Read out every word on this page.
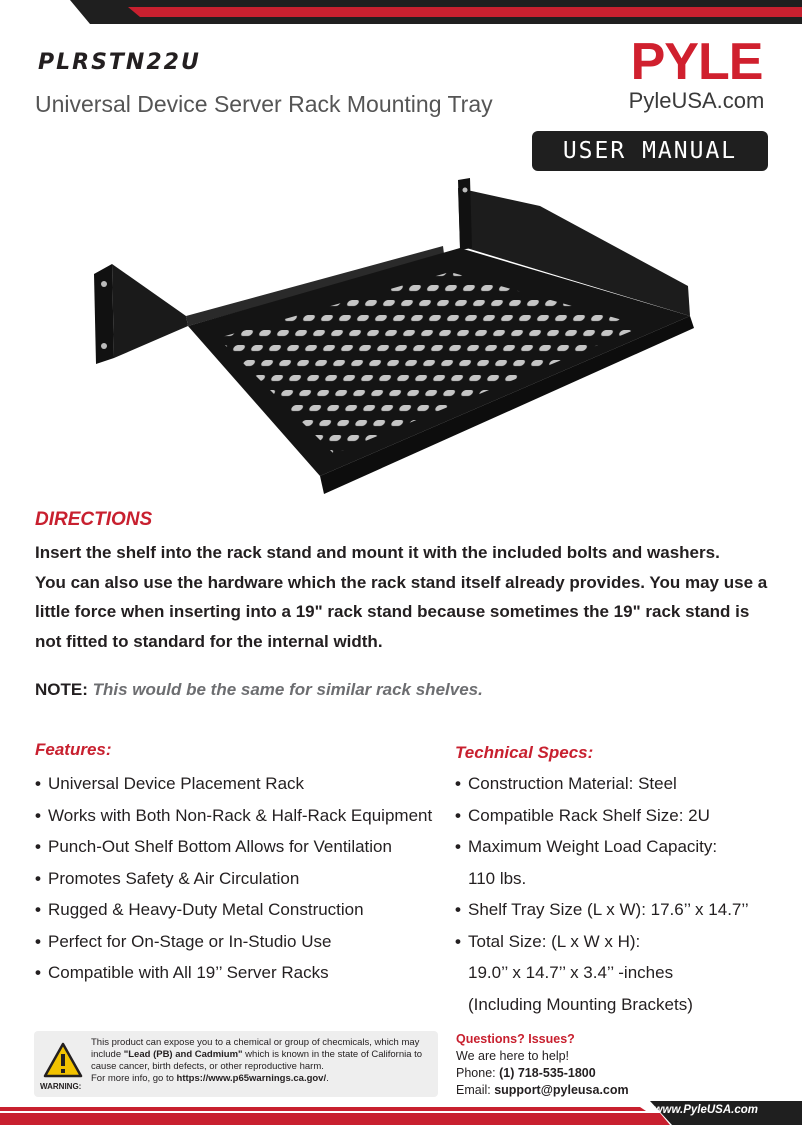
PLRSTN22U
Universal Device Server Rack Mounting Tray
PYLE
PyleUSA.com
USER MANUAL
DIRECTIONS

Insert the shelf into the rack stand and mount it with the included bolts and washers.

You can also use the hardware which the rack stand itself already provides. You may use a little force when inserting into a 19" rack stand because sometimes the 19" rack stand is not fitted to standard for the internal width.

NOTE: This would be the same for similar rack shelves.
Features:
• Universal Device Placement Rack
• Works with Both Non-Rack & Half-Rack Equipment
• Punch-Out Shelf Bottom Allows for Ventilation
• Promotes Safety & Air Circulation
• Rugged & Heavy-Duty Metal Construction
• Perfect for On-Stage or In-Studio Use
• Compatible with All 19’’ Server Racks
Technical Specs:
• Construction Material: Steel
• Compatible Rack Shelf Size: 2U
• Maximum Weight Load Capacity:
110 lbs.
• Shelf Tray Size (L x W): 17.6’’ x 14.7’’
• Total Size: (L x W x H):
19.0’’ x 14.7’’ x 3.4’’ -inches
(Including Mounting Brackets)
WARNING:

This product can expose you to a chemical or group of checmicals, which may include "Lead (PB) and Cadmium" which is known in the state of California to cause cancer, birth defects, or other reproductive harm.

For more info, go to https://www.p65warnings.ca.gov/.

Questions? Issues?

We are here to help!

Phone: (1) 718-535-1800

Email: support@pyleusa.com

www.PyleUSA.com
